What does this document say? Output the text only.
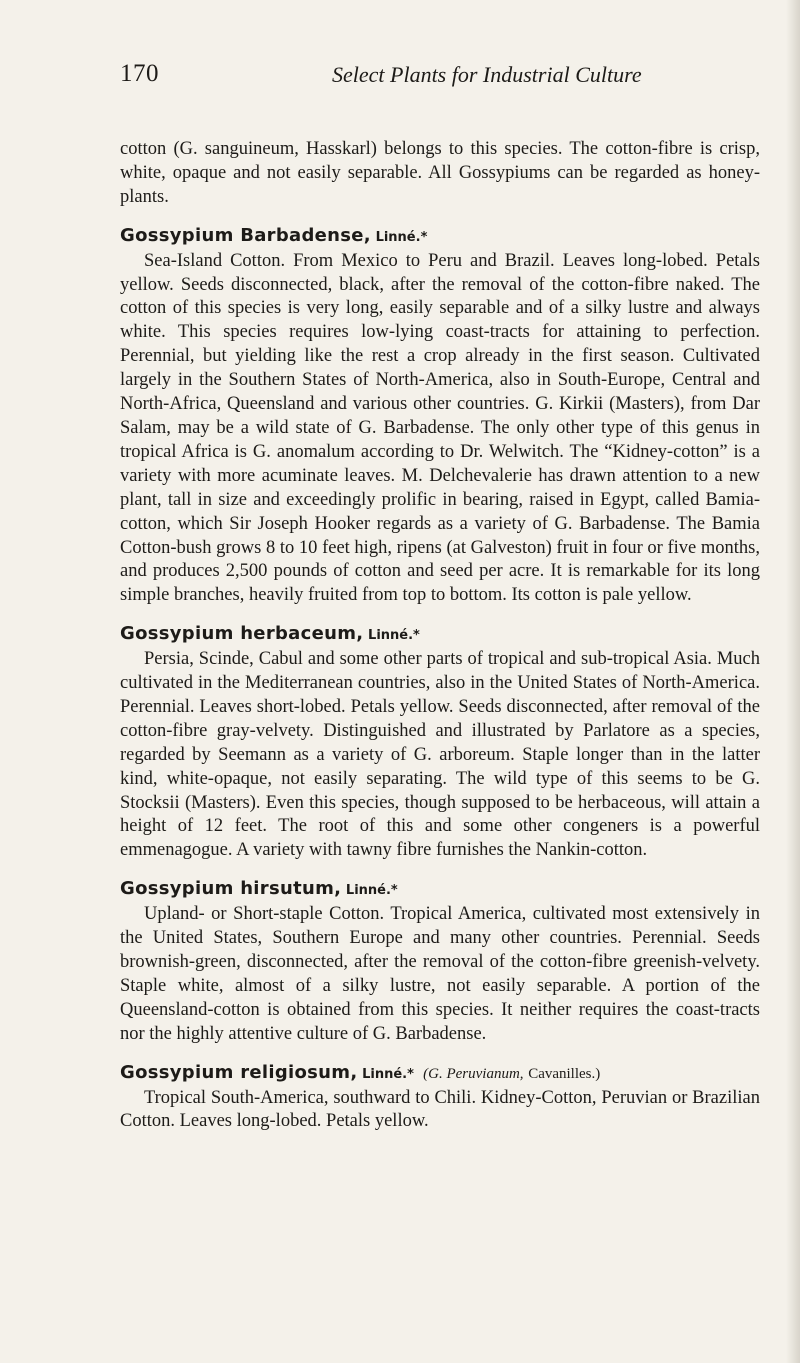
170	Select Plants for Industrial Culture

cotton (G. sanguineum, Hasskarl) belongs to this species. The cotton-fibre is crisp, white, opaque and not easily separable. All Gossypiums can be regarded as honey-plants.

Gossypium Barbadense, Linné.*

Sea-Island Cotton. From Mexico to Peru and Brazil. Leaves long-lobed. Petals yellow. Seeds disconnected, black, after the removal of the cotton-fibre naked. The cotton of this species is very long, easily separable and of a silky lustre and always white. This species requires low-lying coast-tracts for attaining to perfection. Perennial, but yielding like the rest a crop already in the first season. Cultivated largely in the Southern States of North-America, also in South-Europe, Central and North-Africa, Queensland and various other countries. G. Kirkii (Masters), from Dar Salam, may be a wild state of G. Barbadense. The only other type of this genus in tropical Africa is G. anomalum according to Dr. Welwitch. The “Kidney-cotton” is a variety with more acuminate leaves. M. Delchevalerie has drawn attention to a new plant, tall in size and exceedingly prolific in bearing, raised in Egypt, called Bamia-cotton, which Sir Joseph Hooker regards as a variety of G. Barbadense. The Bamia Cotton-bush grows 8 to 10 feet high, ripens (at Galveston) fruit in four or five months, and produces 2,500 pounds of cotton and seed per acre. It is remarkable for its long simple branches, heavily fruited from top to bottom. Its cotton is pale yellow.

Gossypium herbaceum, Linné.*

Persia, Scinde, Cabul and some other parts of tropical and sub-tropical Asia. Much cultivated in the Mediterranean countries, also in the United States of North-America. Perennial. Leaves short-lobed. Petals yellow. Seeds disconnected, after removal of the cotton-fibre gray-velvety. Distinguished and illustrated by Parlatore as a species, regarded by Seemann as a variety of G. arboreum. Staple longer than in the latter kind, white-opaque, not easily separating. The wild type of this seems to be G. Stocksii (Masters). Even this species, though supposed to be herbaceous, will attain a height of 12 feet. The root of this and some other congeners is a powerful emmenagogue. A variety with tawny fibre furnishes the Nankin-cotton.

Gossypium hirsutum, Linné.*

Upland- or Short-staple Cotton. Tropical America, cultivated most extensively in the United States, Southern Europe and many other countries. Perennial. Seeds brownish-green, disconnected, after the removal of the cotton-fibre greenish-velvety. Staple white, almost of a silky lustre, not easily separable. A portion of the Queensland-cotton is obtained from this species. It neither requires the coast-tracts nor the highly attentive culture of G. Barbadense.

Gossypium religiosum, Linné.* (G. Peruvianum, Cavanilles.)

Tropical South-America, southward to Chili. Kidney-Cotton, Peruvian or Brazilian Cotton. Leaves long-lobed. Petals yellow.
